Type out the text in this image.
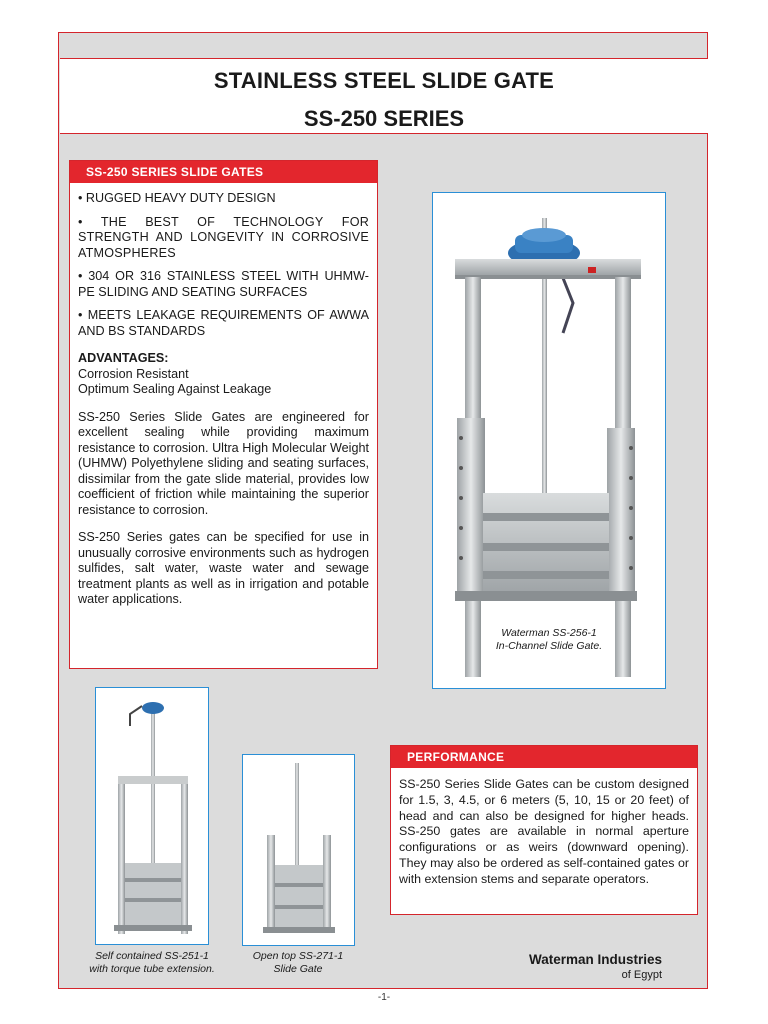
STAINLESS STEEL SLIDE GATE
SS-250 SERIES
SS-250 SERIES SLIDE GATES

• RUGGED HEAVY DUTY DESIGN

• THE BEST OF TECHNOLOGY FOR STRENGTH AND LONGEVITY IN CORROSIVE ATMOSPHERES

• 304 OR 316 STAINLESS STEEL WITH UHMW-PE SLIDING AND SEATING SURFACES

• MEETS LEAKAGE REQUIREMENTS OF AWWA AND BS STANDARDS

ADVANTAGES:
Corrosion Resistant
Optimum Sealing Against Leakage

SS-250 Series Slide Gates are engineered for excellent sealing while providing maximum resistance to corrosion. Ultra High Molecular Weight (UHMW) Polyethylene sliding and seating surfaces, dissimilar from the gate slide material, provides low coefficient of friction while maintaining the superior resistance to corrosion.

SS-250 Series gates can be specified for use in unusually corrosive environments such as hydrogen sulfides, salt water, waste water and sewage treatment plants as well as in irrigation and potable water applications.

Waterman SS-256-1
In-Channel Slide Gate.
Self contained SS-251-1
with torque tube extension.
Open top SS-271-1
Slide Gate
PERFORMANCE
SS-250 Series Slide Gates can be custom designed for 1.5, 3, 4.5, or 6 meters (5, 10, 15 or 20 feet) of head and can also be designed for higher heads. SS-250 gates are available in normal aperture configurations or as weirs (downward opening). They may also be ordered as self-contained gates or with extension stems and separate operators.
Waterman Industries
of Egypt
-1-
